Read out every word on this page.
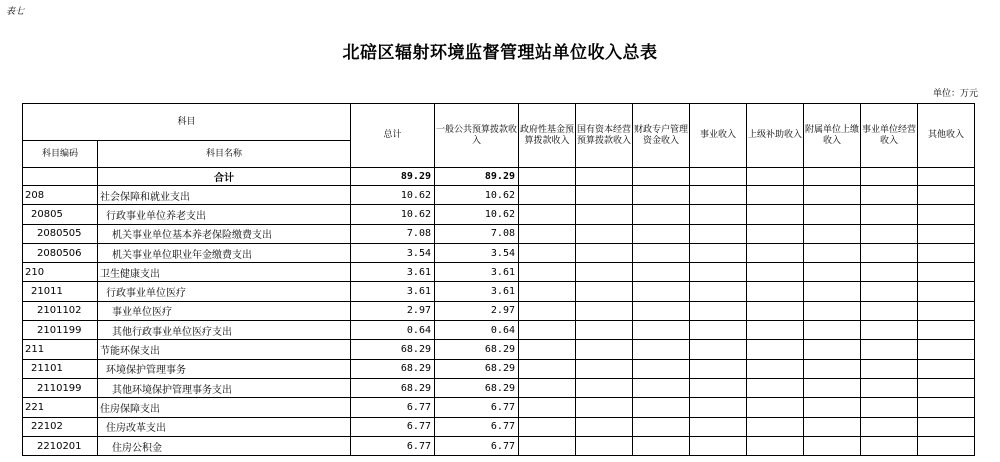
表七
北碚区辐射环境监督管理站单位收入总表
单位：万元
科目		总计	一般公共预算拨款收入	政府性基金预算拨款收入	国有资本经营预算拨款收入	财政专户管理资金收入	事业收入	上级补助收入	附属单位上缴收入	事业单位经营收入	其他收入
科目编码	科目名称										
	合计	89.29	89.29								
208	社会保障和就业支出	10.62	10.62								
20805	行政事业单位养老支出	10.62	10.62								
2080505	机关事业单位基本养老保险缴费支出	7.08	7.08								
2080506	机关事业单位职业年金缴费支出	3.54	3.54								
210	卫生健康支出	3.61	3.61								
21011	行政事业单位医疗	3.61	3.61								
2101102	事业单位医疗	2.97	2.97								
2101199	其他行政事业单位医疗支出	0.64	0.64								
211	节能环保支出	68.29	68.29								
21101	环境保护管理事务	68.29	68.29								
2110199	其他环境保护管理事务支出	68.29	68.29								
221	住房保障支出	6.77	6.77								
22102	住房改革支出	6.77	6.77								
2210201	住房公积金	6.77	6.77								
